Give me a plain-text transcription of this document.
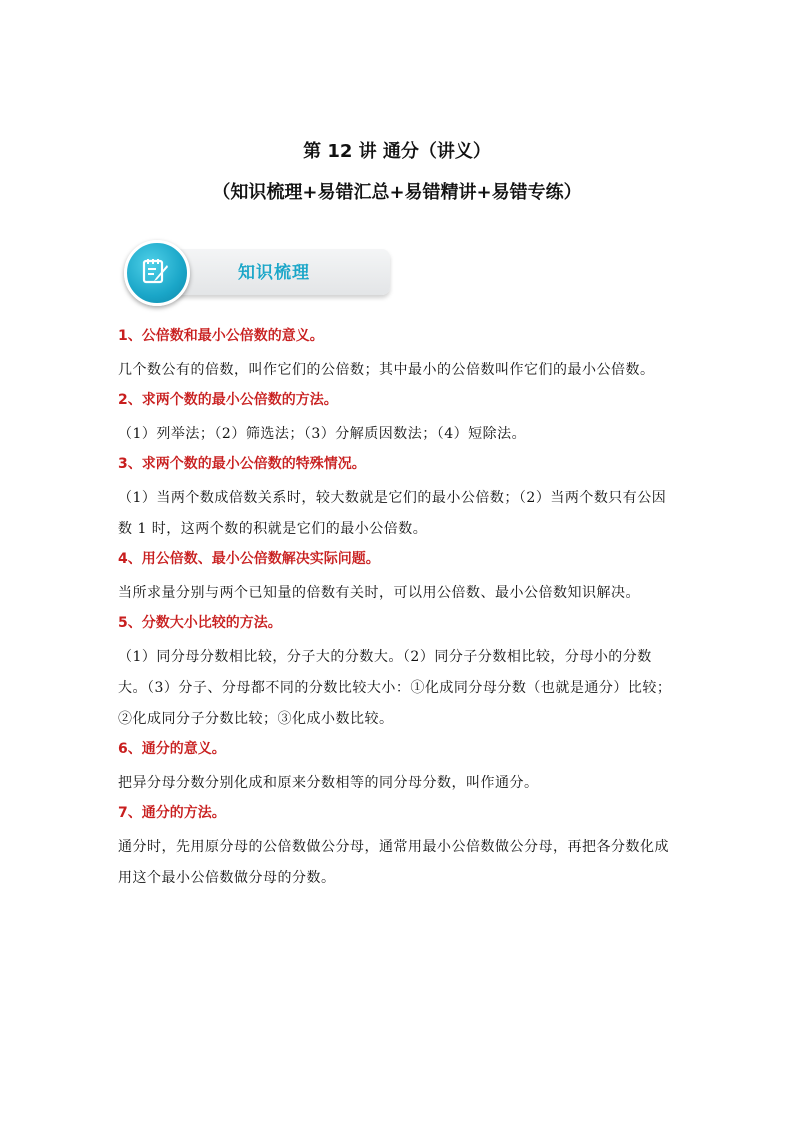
第 12 讲 通分（讲义）
（知识梳理+易错汇总+易错精讲+易错专练）
知识梳理
1、公倍数和最小公倍数的意义。
几个数公有的倍数，叫作它们的公倍数；其中最小的公倍数叫作它们的最小公倍数。
2、求两个数的最小公倍数的方法。
（1）列举法；（2）筛选法；（3）分解质因数法；（4）短除法。
3、求两个数的最小公倍数的特殊情况。
（1）当两个数成倍数关系时，较大数就是它们的最小公倍数；（2）当两个数只有公因数 1 时，这两个数的积就是它们的最小公倍数。
4、用公倍数、最小公倍数解决实际问题。
当所求量分别与两个已知量的倍数有关时，可以用公倍数、最小公倍数知识解决。
5、分数大小比较的方法。
（1）同分母分数相比较，分子大的分数大。（2）同分子分数相比较，分母小的分数大。（3）分子、分母都不同的分数比较大小：①化成同分母分数（也就是通分）比较；②化成同分子分数比较；③化成小数比较。
6、通分的意义。
把异分母分数分别化成和原来分数相等的同分母分数，叫作通分。
7、通分的方法。
通分时，先用原分母的公倍数做公分母，通常用最小公倍数做公分母，再把各分数化成用这个最小公倍数做分母的分数。
